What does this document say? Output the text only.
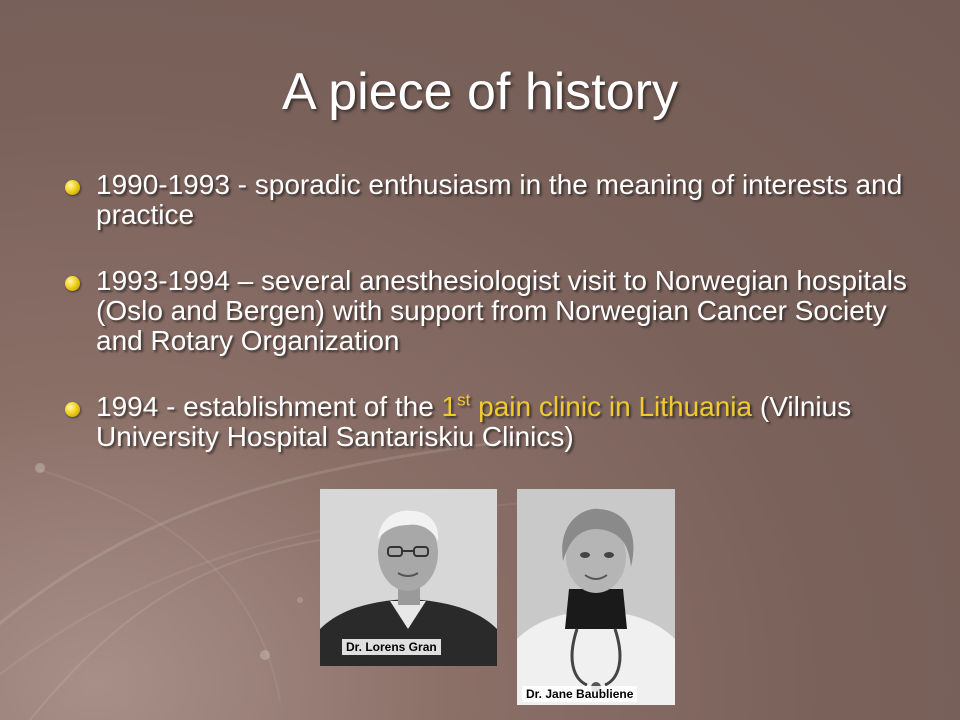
A piece of history
1990-1993 - sporadic enthusiasm in the meaning of interests and practice
1993-1994 – several anesthesiologist visit to Norwegian hospitals (Oslo and Bergen) with support from Norwegian Cancer Society and Rotary Organization
1994 - establishment of the 1st pain clinic in Lithuania (Vilnius University Hospital Santariskiu Clinics)
Dr. Lorens Gran
Dr. Jane Baubliene
